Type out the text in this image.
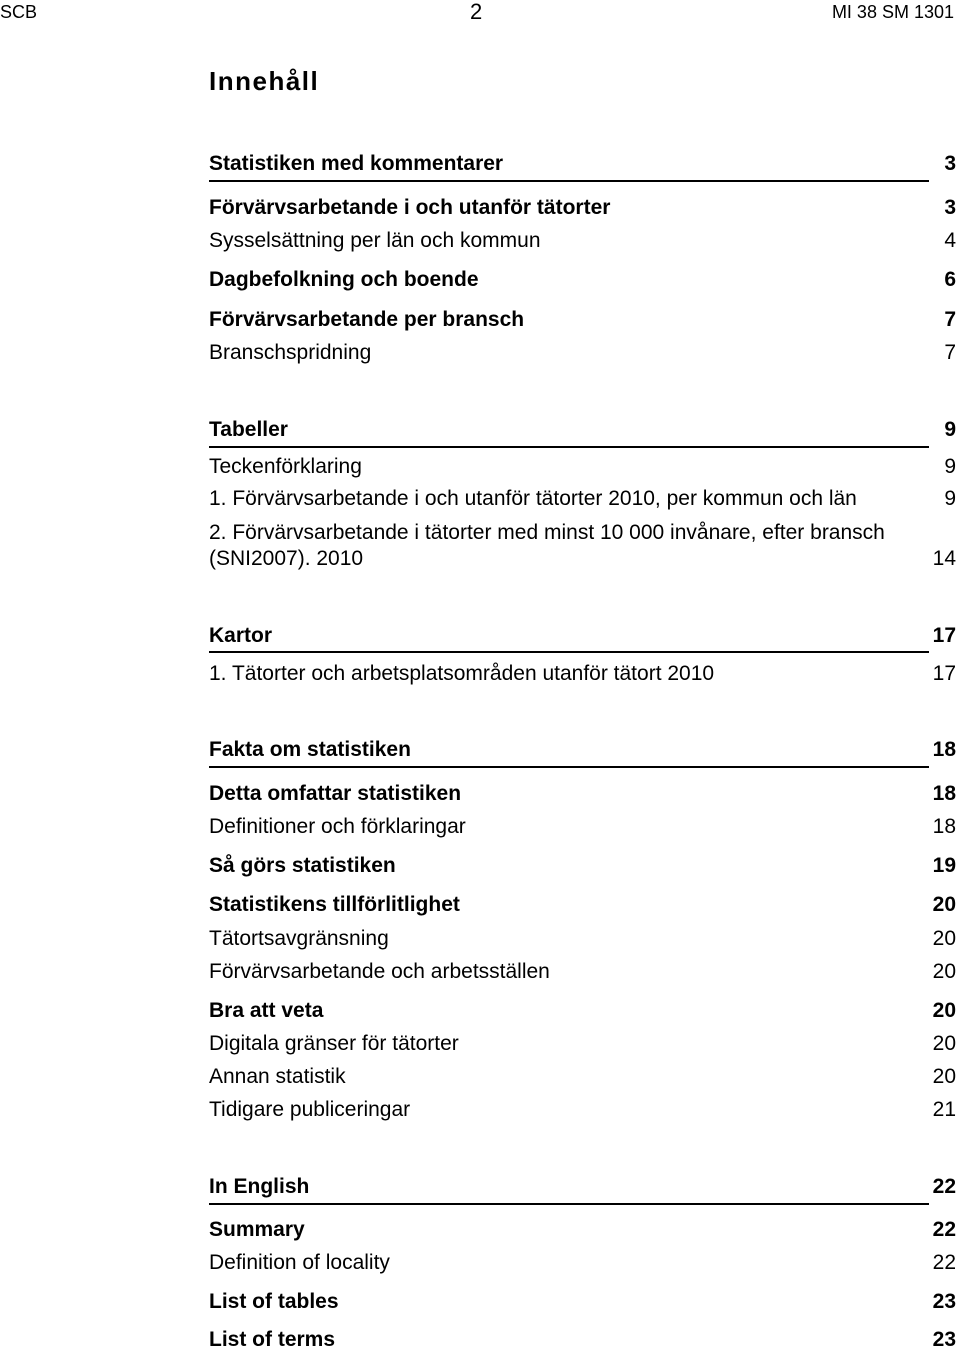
SCB	2	MI 38 SM 1301
Innehåll
Statistiken med kommentarer	3
Förvärvsarbetande i och utanför tätorter	3
Sysselsättning per län och kommun	4
Dagbefolkning och boende	6
Förvärvsarbetande per bransch	7
Branschspridning	7
Tabeller	9
Teckenförklaring	9
1. Förvärvsarbetande i och utanför tätorter 2010, per kommun och län	9
2. Förvärvsarbetande i tätorter med minst 10 000 invånare, efter bransch (SNI2007). 2010	14
Kartor	17
1. Tätorter och arbetsplatsområden utanför tätort 2010	17
Fakta om statistiken	18
Detta omfattar statistiken	18
Definitioner och förklaringar	18
Så görs statistiken	19
Statistikens tillförlitlighet	20
Tätortsavgränsning	20
Förvärvsarbetande och arbetsställen	20
Bra att veta	20
Digitala gränser för tätorter	20
Annan statistik	20
Tidigare publiceringar	21
In English	22
Summary	22
Definition of locality	22
List of tables	23
List of terms	23
